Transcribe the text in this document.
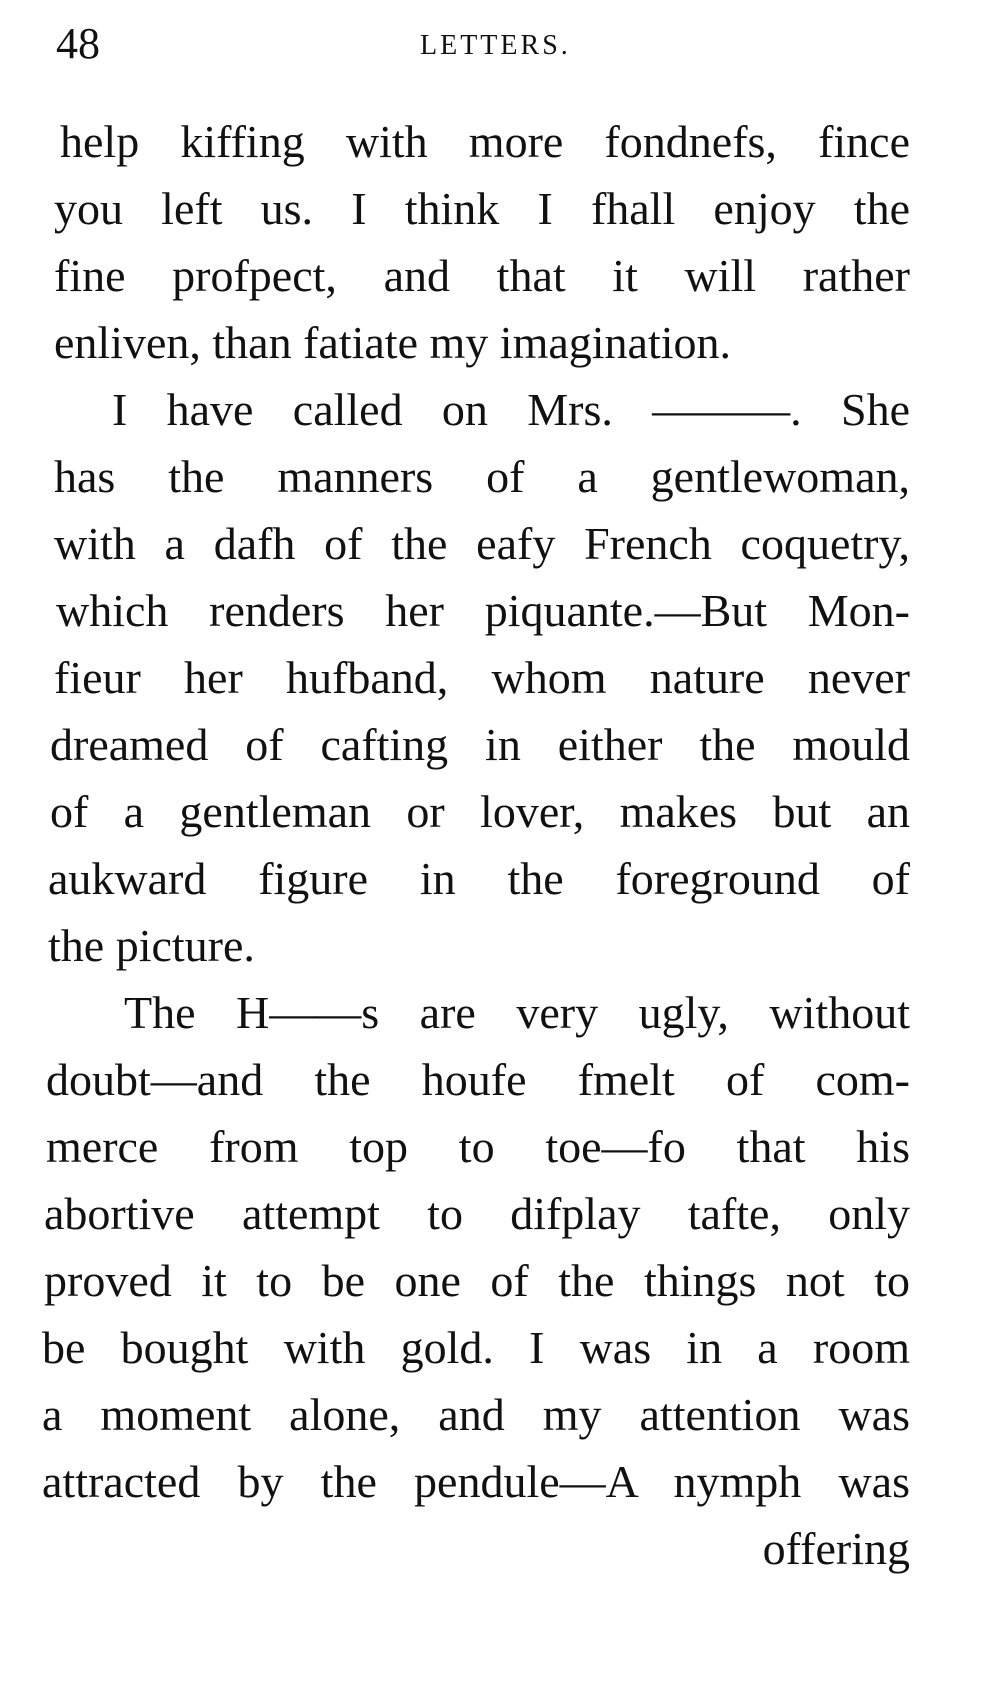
48	LETTERS.
help kiffing with more fondnefs, fince
you left us. I think I fhall enjoy the
fine profpect, and that it will rather
enliven, than fatiate my imagination.
I have called on Mrs. ———. She
has the manners of a gentlewoman,
with a dafh of the eafy French coquetry,
which renders her piquante.—But Mon-
fieur her hufband, whom nature never
dreamed of cafting in either the mould
of a gentleman or lover, makes but an
aukward figure in the foreground of
the picture.
The H——s are very ugly, without
doubt—and the houfe fmelt of com-
merce from top to toe—fo that his
abortive attempt to difplay tafte, only
proved it to be one of the things not to
be bought with gold. I was in a room
a moment alone, and my attention was
attracted by the pendule—A nymph was
offering
